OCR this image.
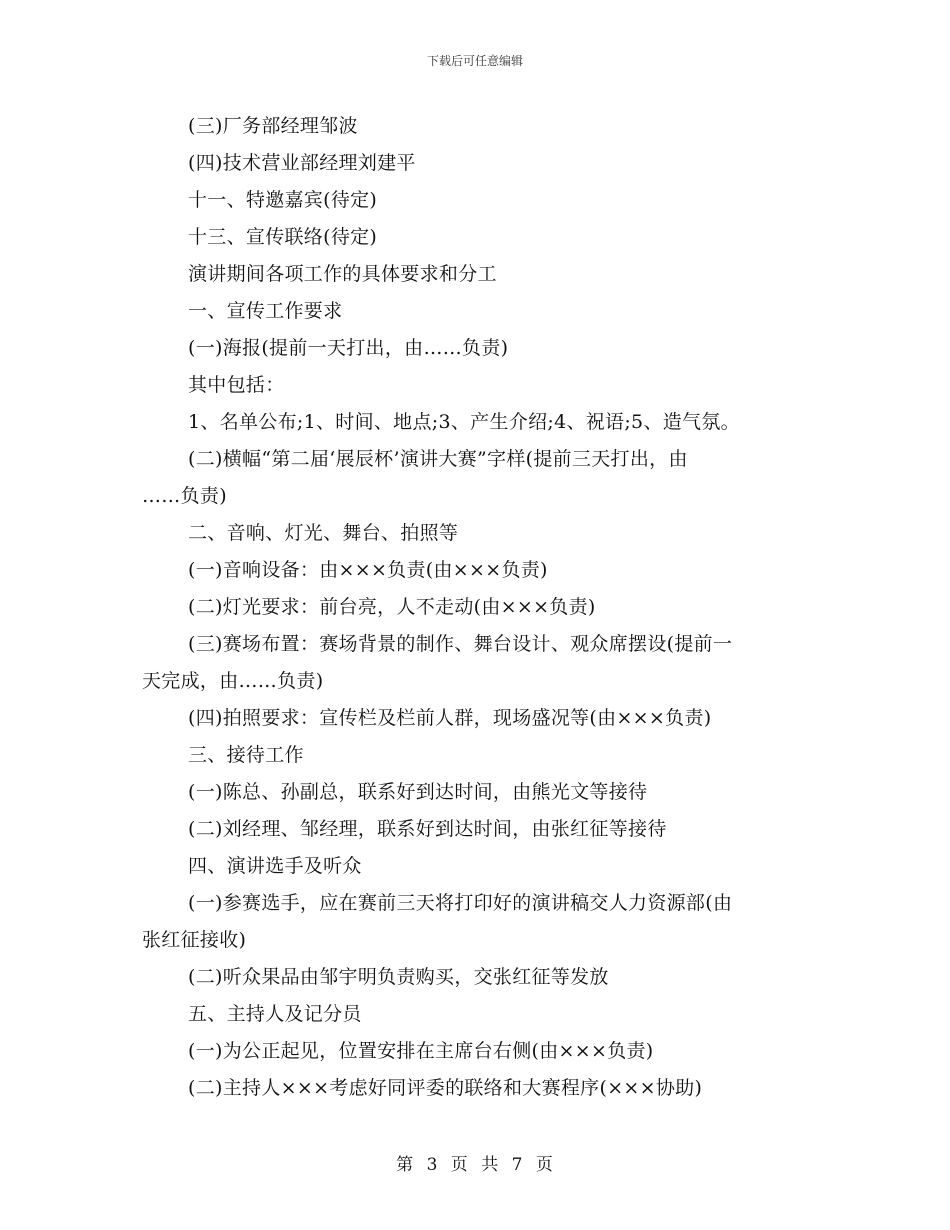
下载后可任意编辑
(三)厂务部经理邹波
(四)技术营业部经理刘建平
十一、特邀嘉宾(待定)
十三、宣传联络(待定)
演讲期间各项工作的具体要求和分工
一、宣传工作要求
(一)海报(提前一天打出，由……负责)
其中包括：
1、名单公布;1、时间、地点;3、产生介绍;4、祝语;5、造气氛。
(二)横幅“第二届‘展辰杯’演讲大赛”字样(提前三天打出，由
……负责)
二、音响、灯光、舞台、拍照等
(一)音响设备：由×××负责(由×××负责)
(二)灯光要求：前台亮，人不走动(由×××负责)
(三)赛场布置：赛场背景的制作、舞台设计、观众席摆设(提前一
天完成，由……负责)
(四)拍照要求：宣传栏及栏前人群，现场盛况等(由×××负责)
三、接待工作
(一)陈总、孙副总，联系好到达时间，由熊光文等接待
(二)刘经理、邹经理，联系好到达时间，由张红征等接待
四、演讲选手及听众
(一)参赛选手，应在赛前三天将打印好的演讲稿交人力资源部(由
张红征接收)
(二)听众果品由邹宇明负责购买，交张红征等发放
五、主持人及记分员
(一)为公正起见，位置安排在主席台右侧(由×××负责)
(二)主持人×××考虑好同评委的联络和大赛程序(×××协助)
第 3 页 共 7 页
